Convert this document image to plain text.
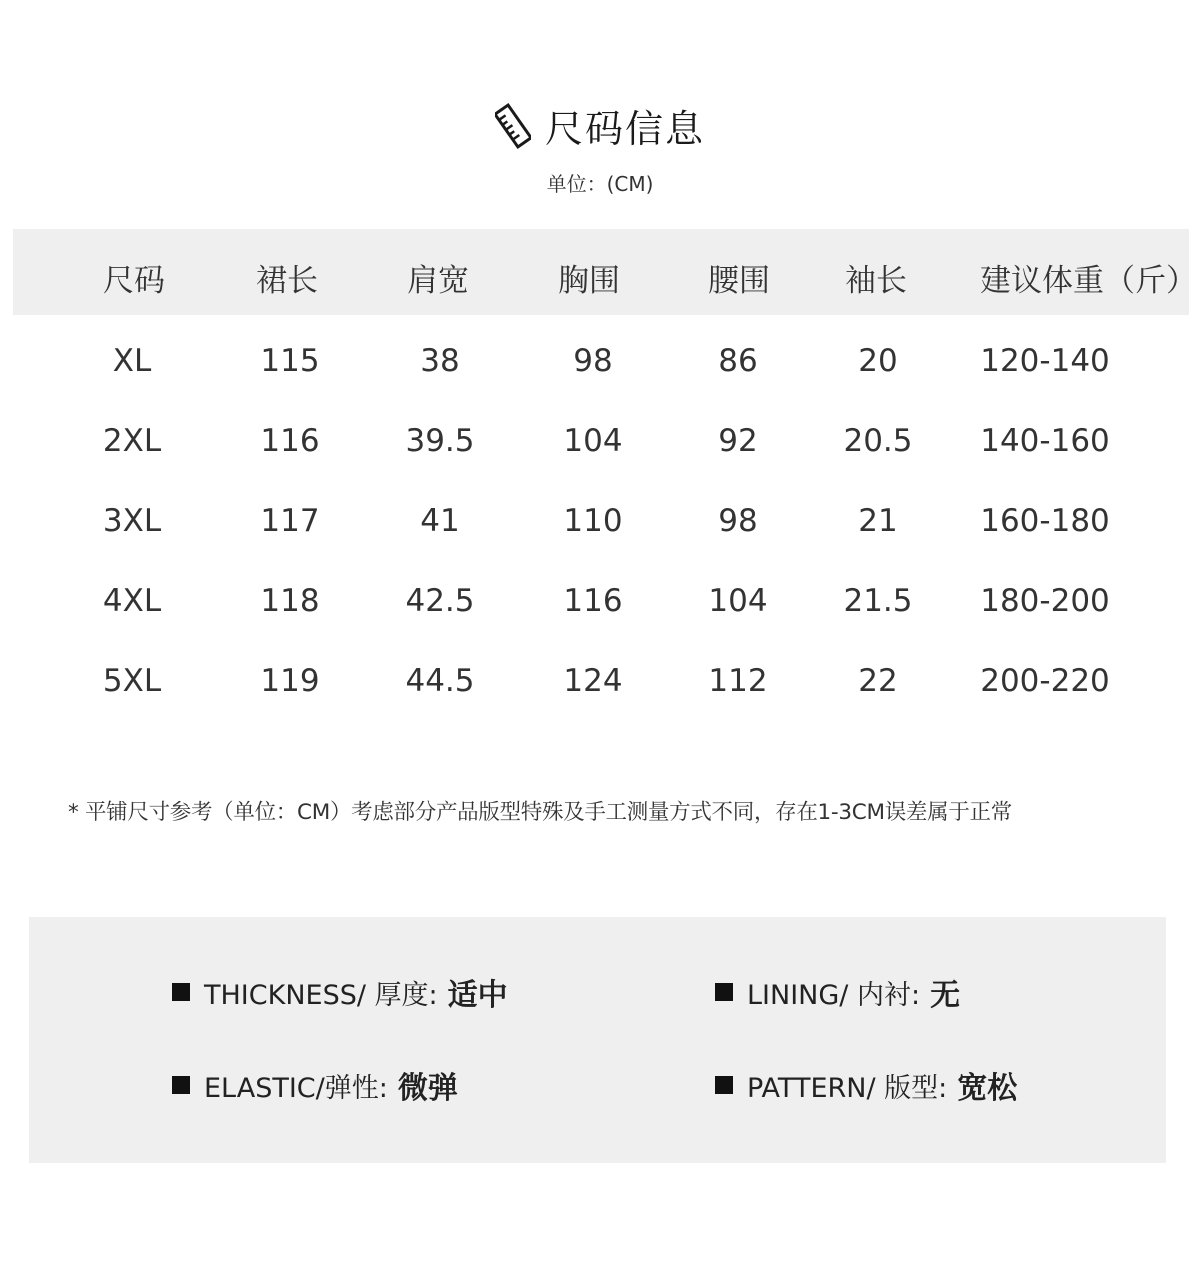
尺码信息
单位：(CM)
尺码	裙长	肩宽	胸围	腰围 袖长 建议体重（斤）
XL	115	38	98	86	20	120-140
2XL	116	39.5	104	92	20.5 140-160
3XL	117	41	110	98	21	160-180
4XL	118	42.5	116	104 21.5 180-200
5XL	119	44.5	124	112	22	200-220
* 平铺尺寸参考（单位：CM）考虑部分产品版型特殊及手工测量方式不同，存在1-3CM误差属于正常
THICKNESS/ 厚度: 适中	LINING/ 内衬: 无
ELASTIC/弹性: 微弹	PATTERN/ 版型: 宽松
